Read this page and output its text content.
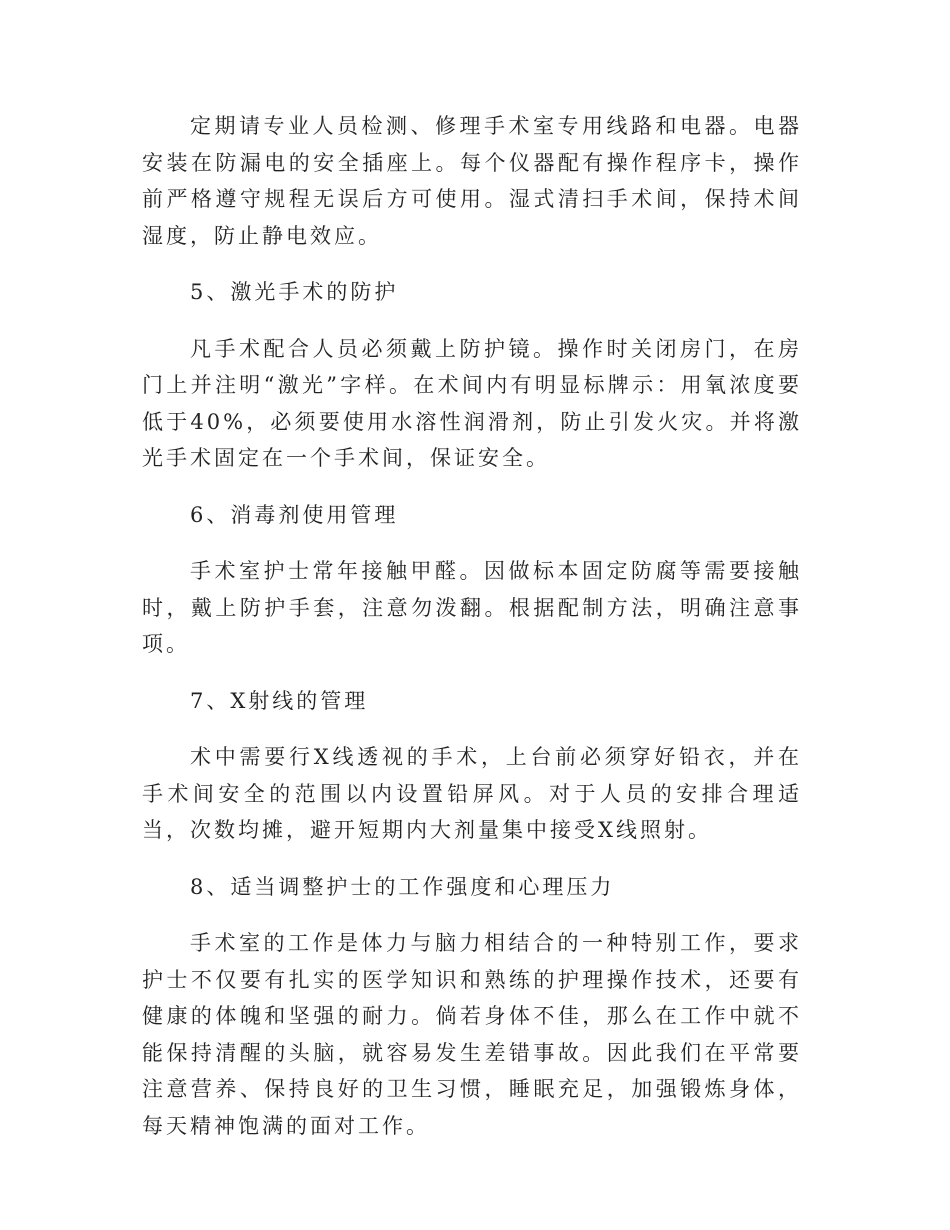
定期请专业人员检测、修理手术室专用线路和电器。电器安装在防漏电的安全插座上。每个仪器配有操作程序卡，操作前严格遵守规程无误后方可使用。湿式清扫手术间，保持术间湿度，防止静电效应。

5、激光手术的防护

凡手术配合人员必须戴上防护镜。操作时关闭房门，在房门上并注明“激光”字样。在术间内有明显标牌示：用氧浓度要低于40%，必须要使用水溶性润滑剂，防止引发火灾。并将激光手术固定在一个手术间，保证安全。

6、消毒剂使用管理

手术室护士常年接触甲醛。因做标本固定防腐等需要接触时，戴上防护手套，注意勿泼翻。根据配制方法，明确注意事项。

7、X射线的管理

术中需要行X线透视的手术，上台前必须穿好铅衣，并在手术间安全的范围以内设置铅屏风。对于人员的安排合理适当，次数均摊，避开短期内大剂量集中接受X线照射。

8、适当调整护士的工作强度和心理压力

手术室的工作是体力与脑力相结合的一种特别工作，要求护士不仅要有扎实的医学知识和熟练的护理操作技术，还要有健康的体魄和坚强的耐力。倘若身体不佳，那么在工作中就不能保持清醒的头脑，就容易发生差错事故。因此我们在平常要注意营养、保持良好的卫生习惯，睡眠充足，加强锻炼身体，每天精神饱满的面对工作。
